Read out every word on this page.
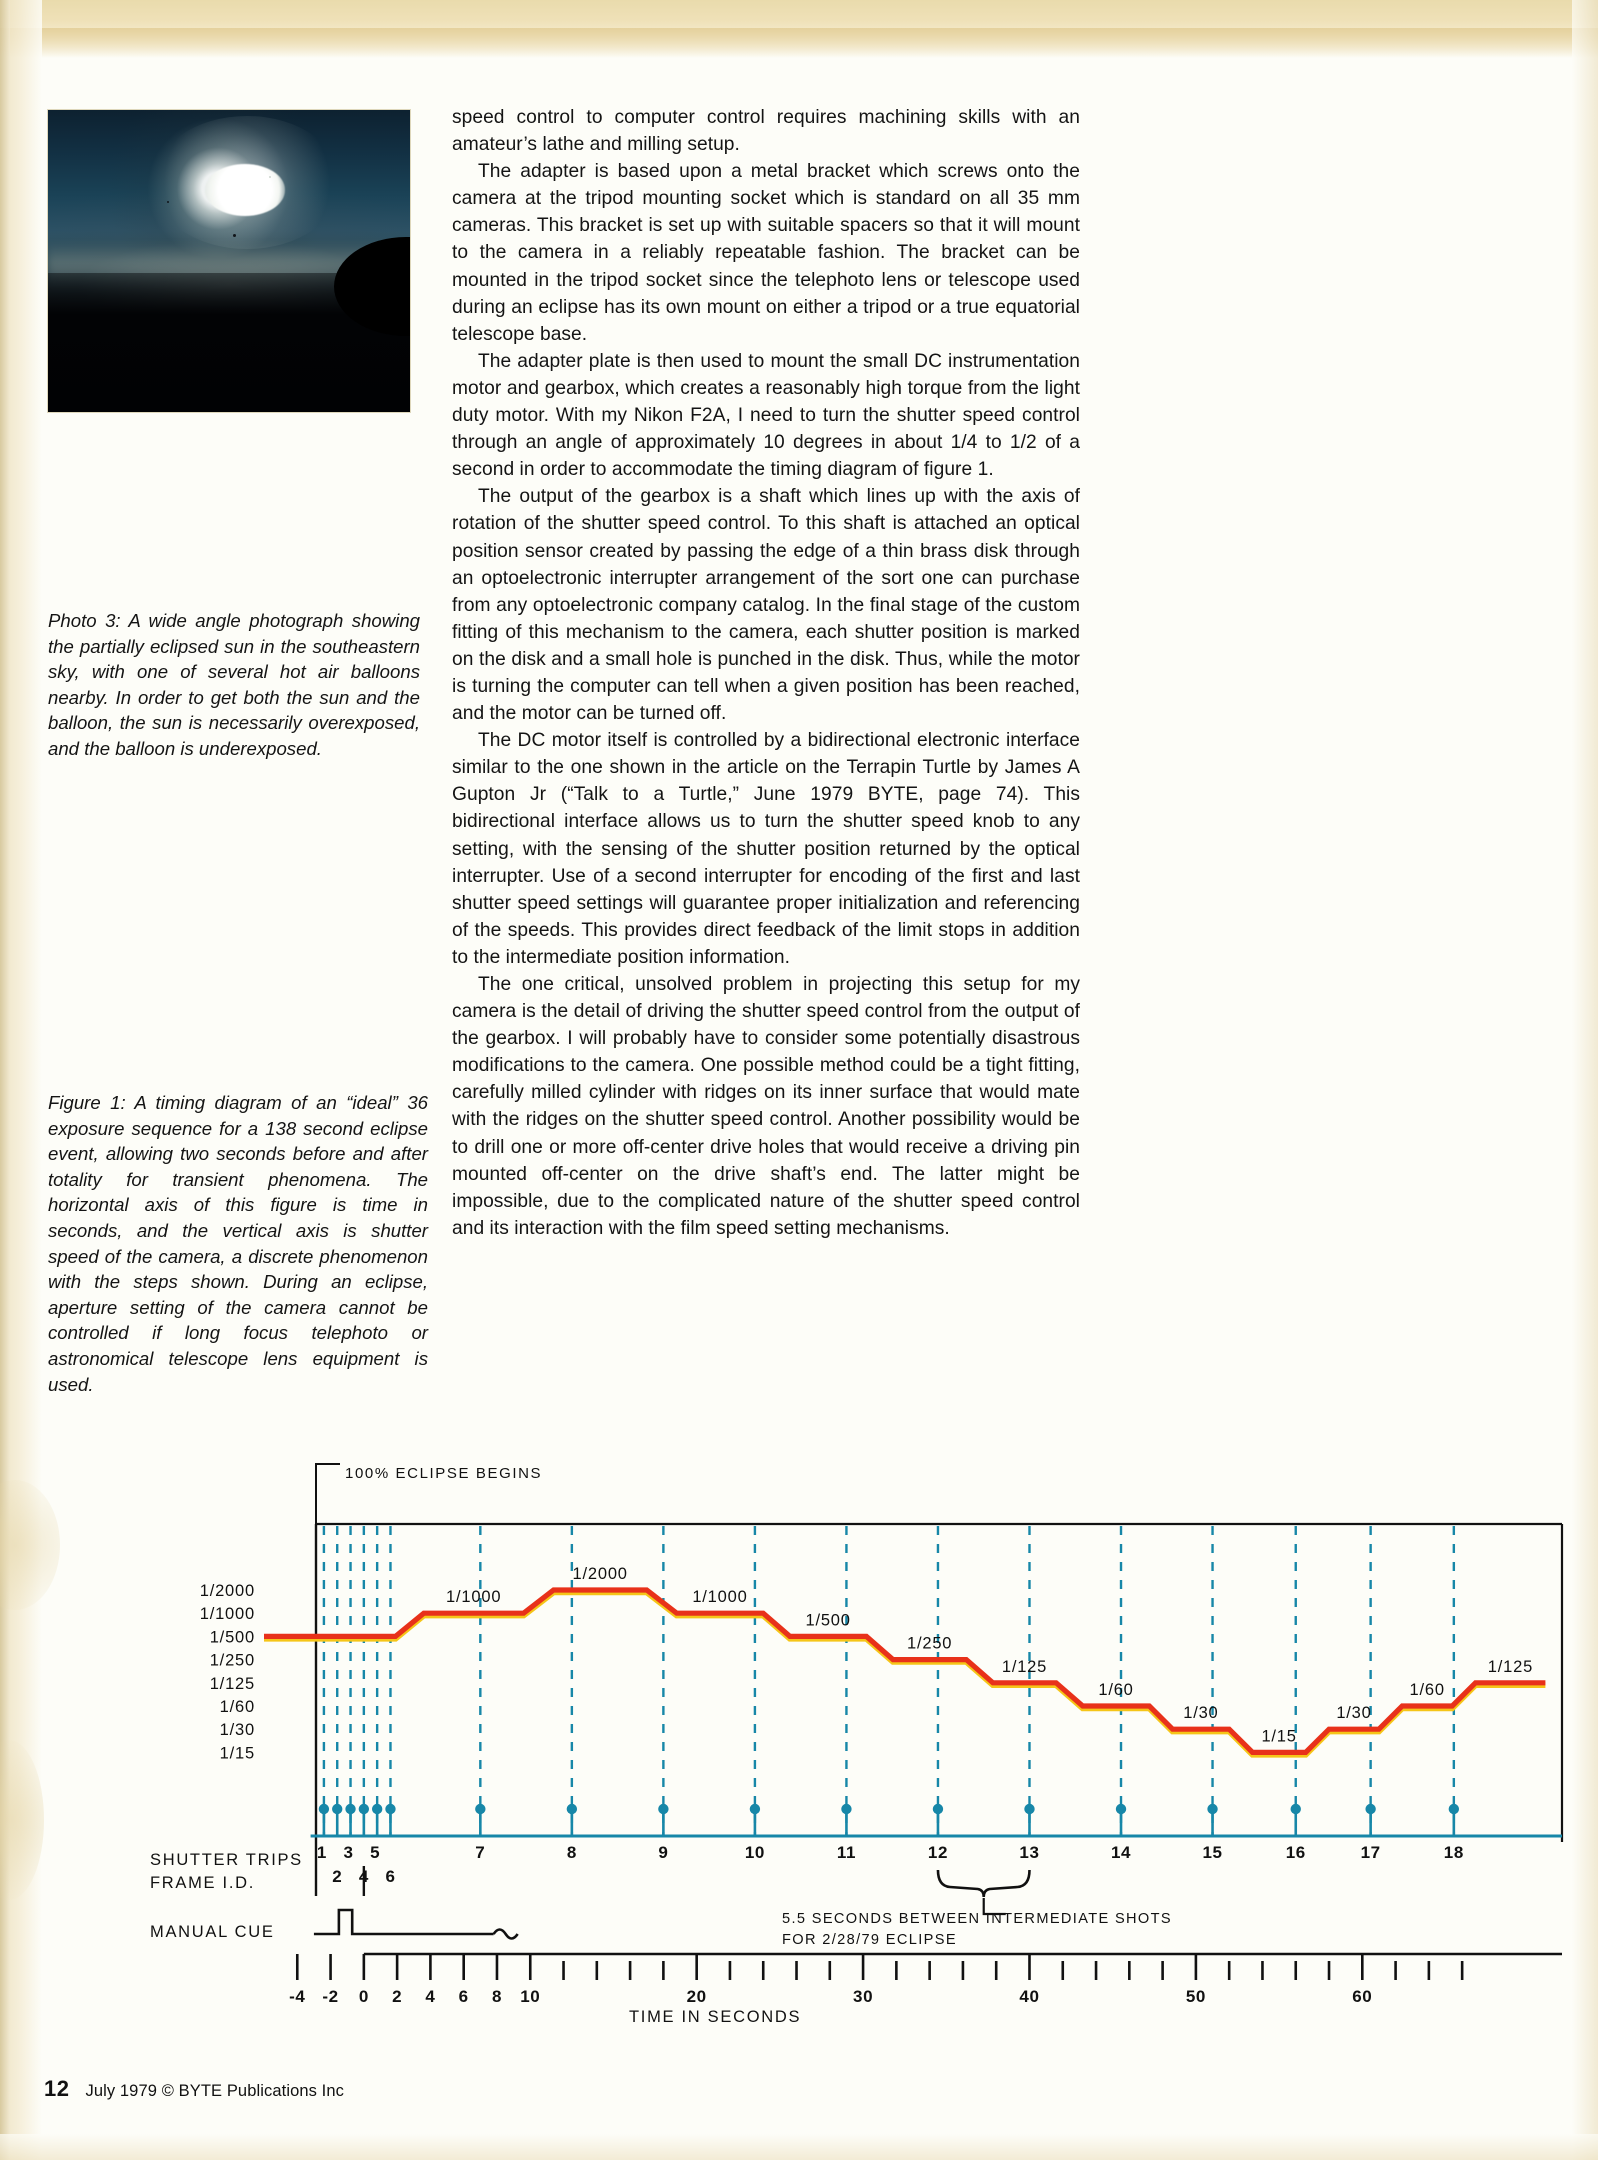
Photo 3: A wide angle photograph showing the partially eclipsed sun in the southeastern sky, with one of several hot air balloons nearby. In order to get both the sun and the balloon, the sun is necessarily overexposed, and the balloon is underexposed.

Figure 1: A timing diagram of an “ideal” 36 exposure sequence for a 138 second eclipse event, allowing two seconds before and after totality for transient phenomena. The horizontal axis of this figure is time in seconds, and the vertical axis is shutter speed of the camera, a discrete phenomenon with the steps shown. During an eclipse, aperture setting of the camera cannot be controlled if long focus telephoto or astronomical telescope lens equipment is used.

speed control to computer control requires machining skills with an amateur’s lathe and milling setup.

The adapter is based upon a metal bracket which screws onto the camera at the tripod mounting socket which is standard on all 35 mm cameras. This bracket is set up with suitable spacers so that it will mount to the camera in a reliably repeatable fashion. The bracket can be mounted in the tripod socket since the telephoto lens or telescope used during an eclipse has its own mount on either a tripod or a true equatorial telescope base.

The adapter plate is then used to mount the small DC instrumentation motor and gearbox, which creates a reasonably high torque from the light duty motor. With my Nikon F2A, I need to turn the shutter speed control through an angle of approximately 10 degrees in about 1/4 to 1/2 of a second in order to accommodate the timing diagram of figure 1.

The output of the gearbox is a shaft which lines up with the axis of rotation of the shutter speed control. To this shaft is attached an optical position sensor created by passing the edge of a thin brass disk through an optoelectronic interrupter arrangement of the sort one can purchase from any optoelectronic company catalog. In the final stage of the custom fitting of this mechanism to the camera, each shutter position is marked on the disk and a small hole is punched in the disk. Thus, while the motor is turning the computer can tell when a given position has been reached, and the motor can be turned off.

The DC motor itself is controlled by a bidirectional electronic interface similar to the one shown in the article on the Terrapin Turtle by James A Gupton Jr (“Talk to a Turtle,” June 1979 BYTE, page 74). This bidirectional interface allows us to turn the shutter speed knob to any setting, with the sensing of the shutter position returned by the optical interrupter. Use of a second interrupter for encoding of the first and last shutter speed settings will guarantee proper initialization and referencing of the speeds. This provides direct feedback of the limit stops in addition to the intermediate position information.

The one critical, unsolved problem in projecting this setup for my camera is the detail of driving the shutter speed control from the output of the gearbox. I will probably have to consider some potentially disastrous modifications to the camera. One possible method could be a tight fitting, carefully milled cylinder with ridges on its inner surface that would mate with the ridges on the shutter speed control. Another possibility would be to drill one or more off-center drive holes that would receive a driving pin mounted off-center on the drive shaft’s end. The latter might be impossible, due to the complicated nature of the shutter speed control and its interaction with the film speed setting mechanisms.

1/2000
1/1000
1/500
1/250
1/125
1/60
1/30
1/15
1/1000
1/2000
1/1000
1/500
1/250
1/125
1/60
1/30
1/15
1/30
1/60
1/125
1
2
3
4
5
6
7	8	9	10	11	12	13	14	15	16	17	18
-4 -2 0 2 4 6 8 10	20	30	40	50	60
100% ECLIPSE BEGINS
SHUTTER TRIPS
FRAME I.D.
MANUAL CUE
5.5 SECONDS BETWEEN INTERMEDIATE SHOTS
FOR 2/28/79 ECLIPSE
TIME IN SECONDS
12 July 1979 © BYTE Publications Inc
